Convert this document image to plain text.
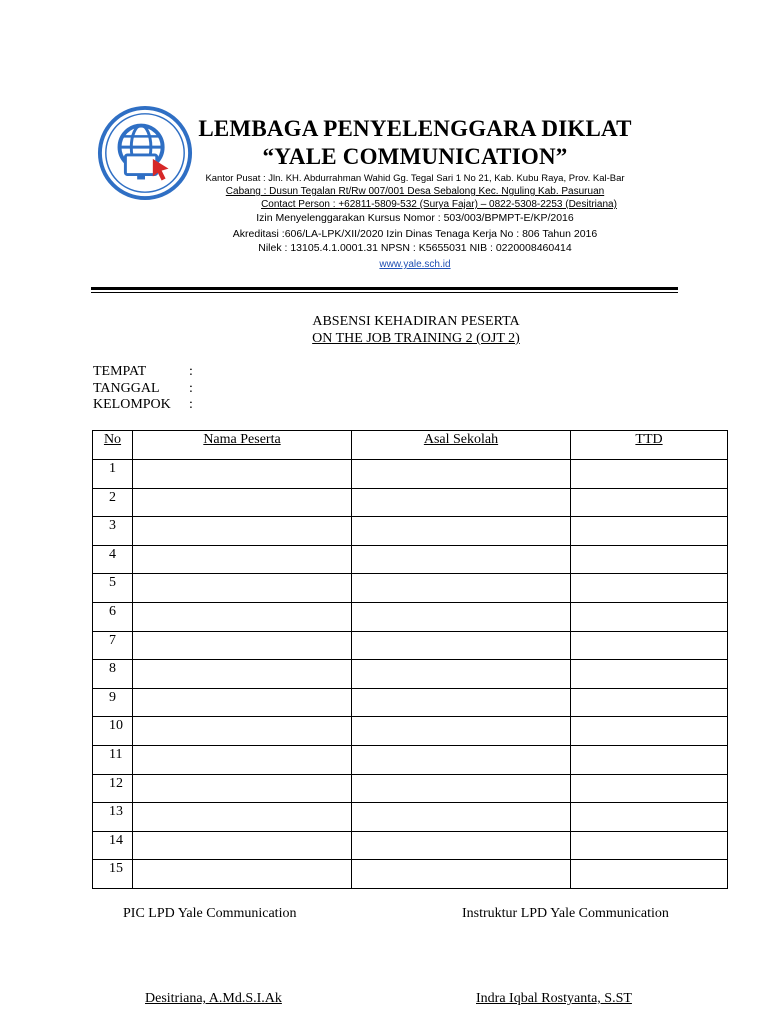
LEMBAGA PENYELENGGARA DIKLAT
“YALE COMMUNICATION”
Kantor Pusat : Jln. KH. Abdurrahman Wahid Gg. Tegal Sari 1 No 21, Kab. Kubu Raya, Prov. Kal-Bar
Cabang : Dusun Tegalan Rt/Rw 007/001 Desa Sebalong Kec. Nguling Kab. Pasuruan
Contact Person : +62811-5809-532 (Surya Fajar) – 0822-5308-2253 (Desitriana)
Izin Menyelenggarakan Kursus Nomor : 503/003/BPMPT-E/KP/2016
Akreditasi :606/LA-LPK/XII/2020 Izin Dinas Tenaga Kerja No : 806 Tahun 2016
Nilek : 13105.4.1.0001.31 NPSN : K5655031 NIB : 0220008460414
www.yale.sch.id
ABSENSI KEHADIRAN PESERTA
ON THE JOB TRAINING 2 (OJT 2)
TEMPAT	:
TANGGAL	:
KELOMPOK	:
No	Nama Peserta	Asal Sekolah	TTD
1			
2			
3			
4			
5			
6			
7			
8			
9			
10			
11			
12			
13			
14			
15			
PIC LPD Yale Communication	Instruktur LPD Yale Communication
Desitriana, A.Md.S.I.Ak	Indra Iqbal Rostyanta, S.ST
